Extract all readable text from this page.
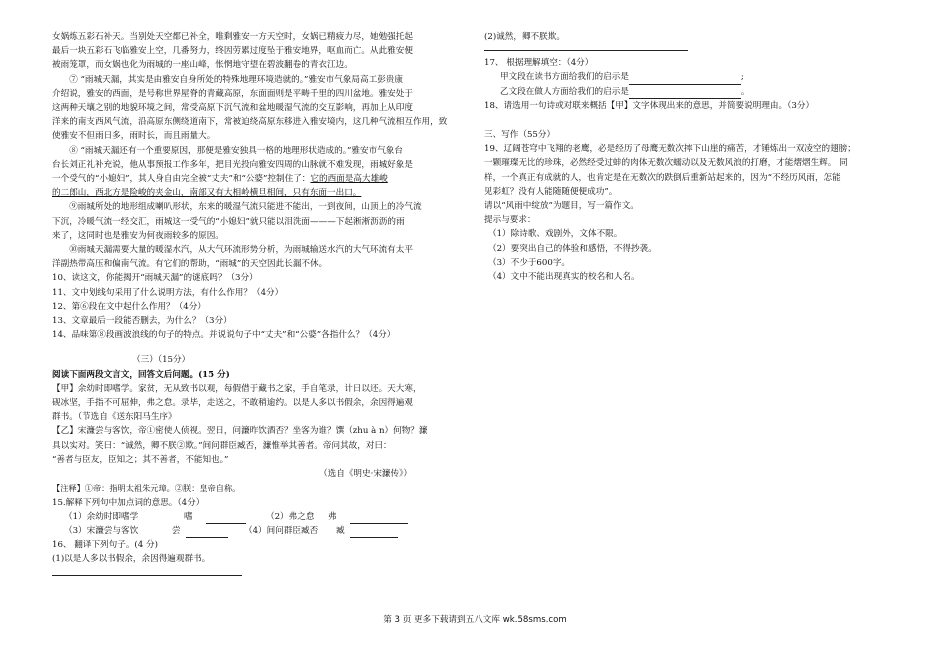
女娲炼五彩石补天。当别处天空都已补全，唯剩雅安一方天空时，女娲已精疲力尽，她勉强托起

最后一块五彩石飞临雅安上空，几番努力，终因劳累过度坠于雅安地界，呕血而亡。从此雅安便

被雨笼罩，而女娲也化为雨城的一座山峰，怅惘地守望在碧波翻卷的青衣江边。

⑦ “雨城天漏，其实是由雅安自身所处的特殊地理环境造就的。”雅安市气象局高工彭贵康

介绍说，雅安的西面，是号称世界屋脊的青藏高原，东面面则是平畴千里的四川盆地。雅安处于

这两种天壤之别的地貌环境之间，常受高原下沉气流和盆地暖湿气流的交互影响，再加上从印度

洋来的南支西风气流，沿高原东侧绕道南下，常被迫绕高原东移进入雅安境内，这几种气流相互作用，致

使雅安不但雨日多，雨时长，而且雨量大。

⑧ “雨城天漏还有一个重要原因，那便是雅安独具一格的地理形状造成的。”雅安市气象台

台长刘正礼补充说，他从事预报工作多年，把目光投向雅安四周的山脉就不难发现，雨城好象是

一个受气的“小媳妇”，其人身自由完全被“丈夫”和“公婆”控制住了：它的西面是高大雄峻

的二郎山，西北方是险峻的夹金山，南部又有大相岭横旦相间，只有东面一出口。

⑨雨城所处的地形组成喇叭形状，东来的暖湿气流只能进不能出，一到夜间，山顶上的冷气流

下沉，冷暖气流一经交汇，雨城这一受气的“小媳妇”就只能以泪洗面———下起淅淅沥沥的雨

来了，这同时也是雅安为何夜雨较多的原因。

⑩雨城天漏需要大量的暖湿水汽，从大气环流形势分析，为雨城输送水汽的大气环流有太平

洋副热带高压和偏南气流。有它们的帮助，“雨城”的天空因此长漏不休。

10、读这文，你能揭开“雨城天漏”的谜底吗？（3分）

11、文中划线句采用了什么说明方法，有什么作用？（4分）

12、第⑥段在文中起什么作用？（4分）

13、文章最后一段能否删去，为什么？（3分）

14、品味第⑧段画波浪线的句子的特点。并说说句子中“丈夫”和“公婆”各指什么？（4分）

（三）（15分）

阅读下面两段文言文，回答文后问题。(15 分)

【甲】余幼时即嗜学。家贫，无从致书以观，每假借于藏书之家，手自笔录，计日以还。天大寒，

砚冰坚，手指不可屈伸，弗之怠。录毕，走送之，不敢稍逾约。以是人多以书假余，余因得遍观

群书。（节选自《送东阳马生序》

【乙】宋濂尝与客饮，帝①密使人侦视。翌日，问濂昨饮酒否？坐客为谁？馔（zhu à n）何物？濂

具以实对。笑曰：“诚然，卿不朕②欺。”间问群臣臧否，濂惟举其善者。帝问其故，对曰：

“善者与臣友，臣知之；其不善者，不能知也。”

（选自《明史·宋濂传》）

【注释】①帝：指明太祖朱元璋。②朕：皇帝自称。

15.解释下列句中加点词的意思。（4分）

（1）余幼时即嗜学	嗜	（2）弗之怠 弗

（3）宋濂尝与客饮	尝	（4）间问群臣臧否 臧

16、 翻译下列句子。(4 分)

(1)以是人多以书假余，余因得遍观群书。

(2)诚然，卿不朕欺。

17、 根据理解填空：（4分）

甲文段在读书方面给我们的启示是	;

乙文段在做人方面给我们的启示是	。

18、请选用一句诗或对联来概括【甲】文字体现出来的意思，并简要说明理由。（3分）

三、写作（55分）

19、辽阔苍穹中飞翔的老鹰，必是经历了母鹰无数次摔下山崖的痛苦，才锤炼出一双凌空的翅膀；

一颗璀璨无比的珍珠，必然经受过蚌的肉体无数次蠕动以及无数风浪的打磨，才能熠熠生辉。 同

样，一个真正有成就的人，也肯定是在无数次的跌倒后重新站起来的，因为“不经历风雨，怎能

见彩虹？没有人能随随便便成功”。

请以“风雨中绽放”为题目，写一篇作文。

提示与要求：

（1）除诗歌、戏剧外，文体不限。

（2）要突出自己的体验和感悟，不得抄袭。

（3）不少于600字。

（4）文中不能出现真实的校名和人名。

第 3 页 更多下载请到五八文库 wk.58sms.com
